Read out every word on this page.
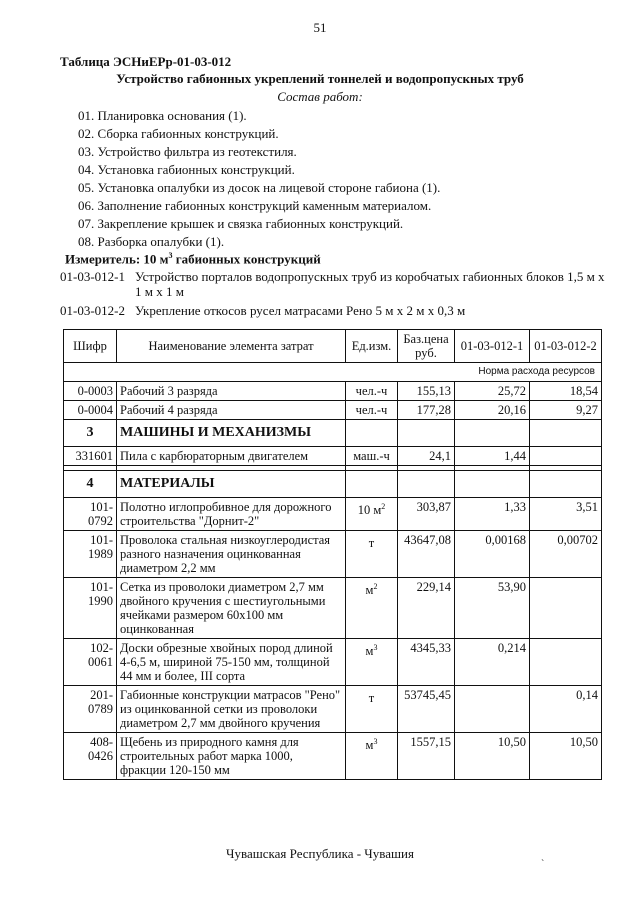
51
Таблица ЭСНиЕРр-01-03-012
Устройство габионных укреплений тоннелей и водопропускных труб
Состав работ:
01. Планировка основания (1).
02. Сборка габионных конструкций.
03. Устройство фильтра из геотекстиля.
04. Установка габионных конструкций.
05. Установка опалубки из досок на лицевой стороне габиона (1).
06. Заполнение габионных конструкций каменным материалом.
07. Закрепление крышек и связка габионных конструкций.
08. Разборка опалубки (1).
Измеритель: 10 $м^3$ габионных конструкций
01-03-012-1 Устройство порталов водопропускных труб из коробчатых габионных блоков 1,5 м х 1 м х 1 м
01-03-012-2 Укрепление откосов русел матрасами Рено 5 м х 2 м х 0,3 м
Шифр	Наименование элемента затрат	Ед.изм.	Баз.цена руб.	01-03-012-1	01-03-012-2
Норма расхода ресурсов					
0-0003	Рабочий 3 разряда	чел.-ч	155,13	25,72	18,54
0-0004	Рабочий 4 разряда	чел.-ч	177,28	20,16	9,27
3	МАШИНЫ И МЕХАНИЗМЫ				
331601	Пила с карбюраторным двигателем	маш.-ч	24,1	1,44	

4	МАТЕРИАЛЫ				
101-0792	Полотно иглопробивное для дорожного строительства "Дорнит-2"	10 $м^2$	303,87	1,33	3,51
101-1989	Проволока стальная низкоуглеродистая разного назначения оцинкованная диаметром 2,2 мм	т	43647,08	0,00168	0,00702
101-1990	Сетка из проволоки диаметром 2,7 мм двойного кручения с шестиугольными ячейками размером 60х100 мм оцинкованная	$м^2$	229,14	53,90	
102-0061	Доски обрезные хвойных пород длиной 4-6,5 м, шириной 75-150 мм, толщиной 44 мм и более, III сорта	$м^3$	4345,33	0,214	
201-0789	Габионные конструкции матрасов "Рено" из оцинкованной сетки из проволоки диаметром 2,7 мм двойного кручения	т	53745,45		0,14
408-0426	Щебень из природного камня для строительных работ марка 1000, фракции 120-150 мм	$м^3$	1557,15	10,50	10,50
Чувашская Республика - Чувашия
`
